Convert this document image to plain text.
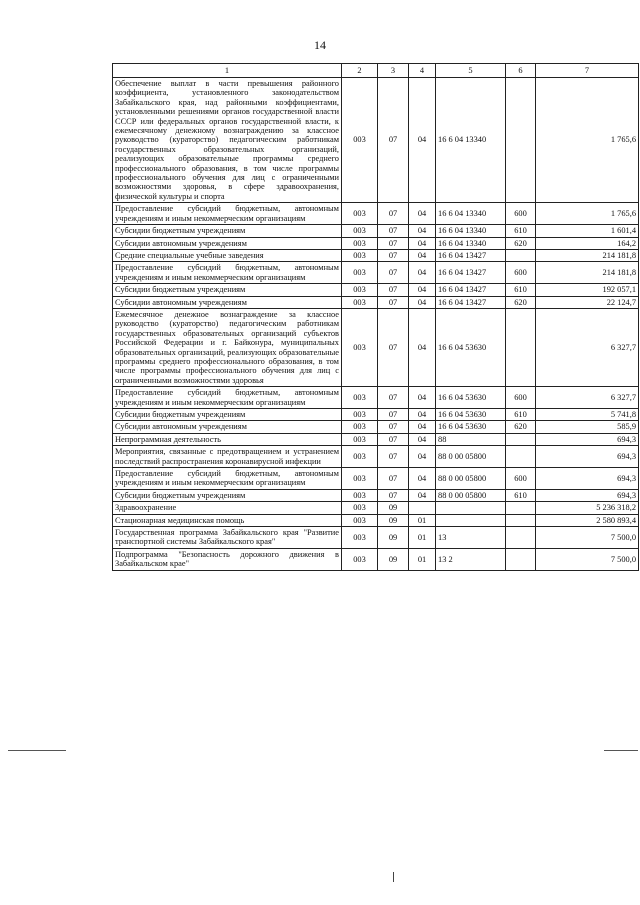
14
1	2	3	4	5	6	7
Обеспечение выплат в части превышения районного коэффициента, установленного законодательством Забайкальского края, над районными коэффициентами, установленными решениями органов государственной власти СССР или федеральных органов государственной власти, к ежемесячному денежному вознаграждению за классное руководство (кураторство) педагогическим работникам государственных образовательных организаций, реализующих образовательные программы среднего профессионального образования, в том числе программы профессионального обучения для лиц с ограниченными возможностями здоровья, в сфере здравоохранения, физической культуры и спорта	003	07	04	16 6 04 13340		1 765,6
Предоставление субсидий бюджетным, автономным учреждениям и иным некоммерческим организациям	003	07	04	16 6 04 13340	600	1 765,6
Субсидии бюджетным учреждениям	003	07	04	16 6 04 13340	610	1 601,4
Субсидии автономным учреждениям	003	07	04	16 6 04 13340	620	164,2
Средние специальные учебные заведения	003	07	04	16 6 04 13427		214 181,8
Предоставление субсидий бюджетным, автономным учреждениям и иным некоммерческим организациям	003	07	04	16 6 04 13427	600	214 181,8
Субсидии бюджетным учреждениям	003	07	04	16 6 04 13427	610	192 057,1
Субсидии автономным учреждениям	003	07	04	16 6 04 13427	620	22 124,7
Ежемесячное денежное вознаграждение за классное руководство (кураторство) педагогическим работникам государственных образовательных организаций субъектов Российской Федерации и г. Байконура, муниципальных образовательных организаций, реализующих образовательные программы среднего профессионального образования, в том числе программы профессионального обучения для лиц с ограниченными возможностями здоровья	003	07	04	16 6 04 53630		6 327,7
Предоставление субсидий бюджетным, автономным учреждениям и иным некоммерческим организациям	003	07	04	16 6 04 53630	600	6 327,7
Субсидии бюджетным учреждениям	003	07	04	16 6 04 53630	610	5 741,8
Субсидии автономным учреждениям	003	07	04	16 6 04 53630	620	585,9
Непрограммная деятельность	003	07	04	88		694,3
Мероприятия, связанные с предотвращением и устранением последствий распространения коронавирусной инфекции	003	07	04	88 0 00 05800		694,3
Предоставление субсидий бюджетным, автономным учреждениям и иным некоммерческим организациям	003	07	04	88 0 00 05800	600	694,3
Субсидии бюджетным учреждениям	003	07	04	88 0 00 05800	610	694,3
Здравоохранение	003	09				5 236 318,2
Стационарная медицинская помощь	003	09	01			2 580 893,4
Государственная программа Забайкальского края "Развитие транспортной системы Забайкальского края"	003	09	01	13		7 500,0
Подпрограмма "Безопасность дорожного движения в Забайкальском крае"	003	09	01	13 2		7 500,0
